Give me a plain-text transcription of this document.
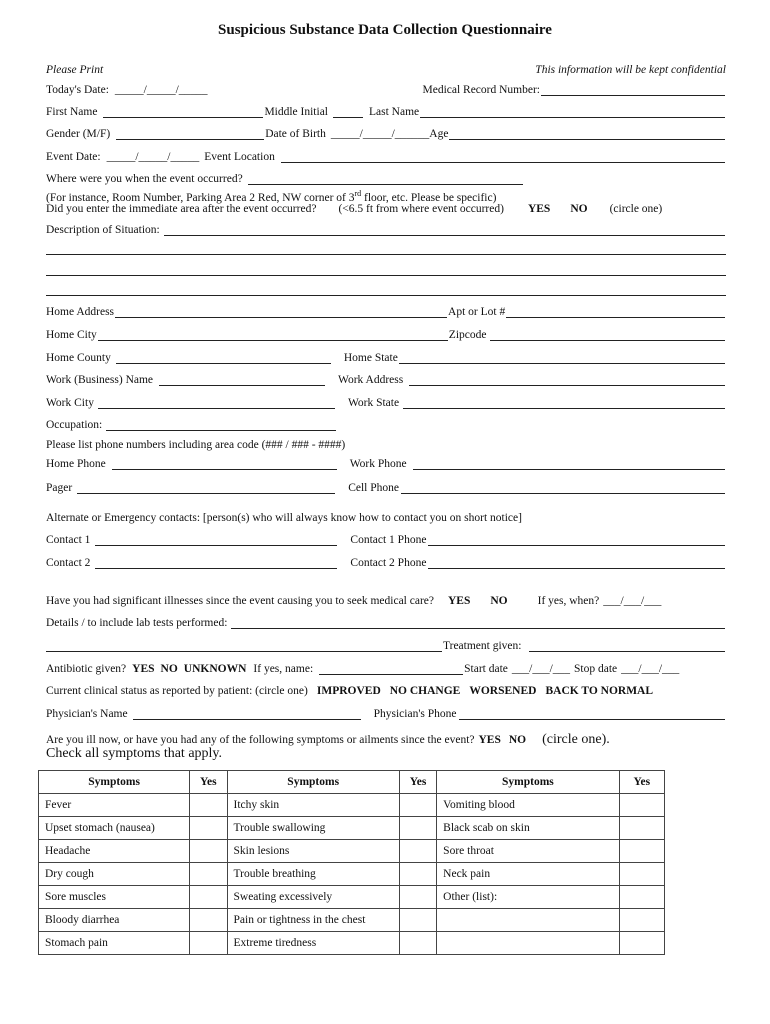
Suspicious Substance Data Collection Questionnaire
Please Print	This information will be kept confidential
Today's Date: _____/_____/_____	Medical Record Number:
First Name	Middle Initial	Last Name
Gender (M/F)	Date of Birth _____/_____/______ Age
Event Date: _____/_____/_____ Event Location
Where were you when the event occurred?
(For instance, Room Number, Parking Area 2 Red, NW corner of 3rd floor, etc. Please be specific)
Did you enter the immediate area after the event occurred? (<6.5 ft from where event occurred) YES NO (circle one)
Description of Situation:
Home Address	Apt or Lot #
Home City	Zipcode
Home County	Home State
Work (Business) Name	Work Address
Work City	Work State
Occupation:
Please list phone numbers including area code (### / ### - ####)
Home Phone	Work Phone
Pager	Cell Phone
Alternate or Emergency contacts: [person(s) who will always know how to contact you on short notice]
Contact 1	Contact 1 Phone
Contact 2	Contact 2 Phone
Have you had significant illnesses since the event causing you to seek medical care? YES NO	If yes, when? ___/___/___
Details / to include lab tests performed:
Treatment given:
Antibiotic given? YES NO UNKNOWN If yes, name:	Start date ___/___/___ Stop date ___/___/___
Current clinical status as reported by patient: (circle one) IMPROVED NO CHANGE WORSENED BACK TO NORMAL
Physician's Name	Physician's Phone
Are you ill now, or have you had any of the following symptoms or ailments since the event? YES NO (circle one).
Check all symptoms that apply.
Symptoms	Yes	Symptoms	Yes	Symptoms	Yes
Fever		Itchy skin		Vomiting blood	
Upset stomach (nausea)		Trouble swallowing		Black scab on skin	
Headache		Skin lesions		Sore throat	
Dry cough		Trouble breathing		Neck pain	
Sore muscles		Sweating excessively		Other (list):	
Bloody diarrhea		Pain or tightness in the chest			
Stomach pain		Extreme tiredness			
